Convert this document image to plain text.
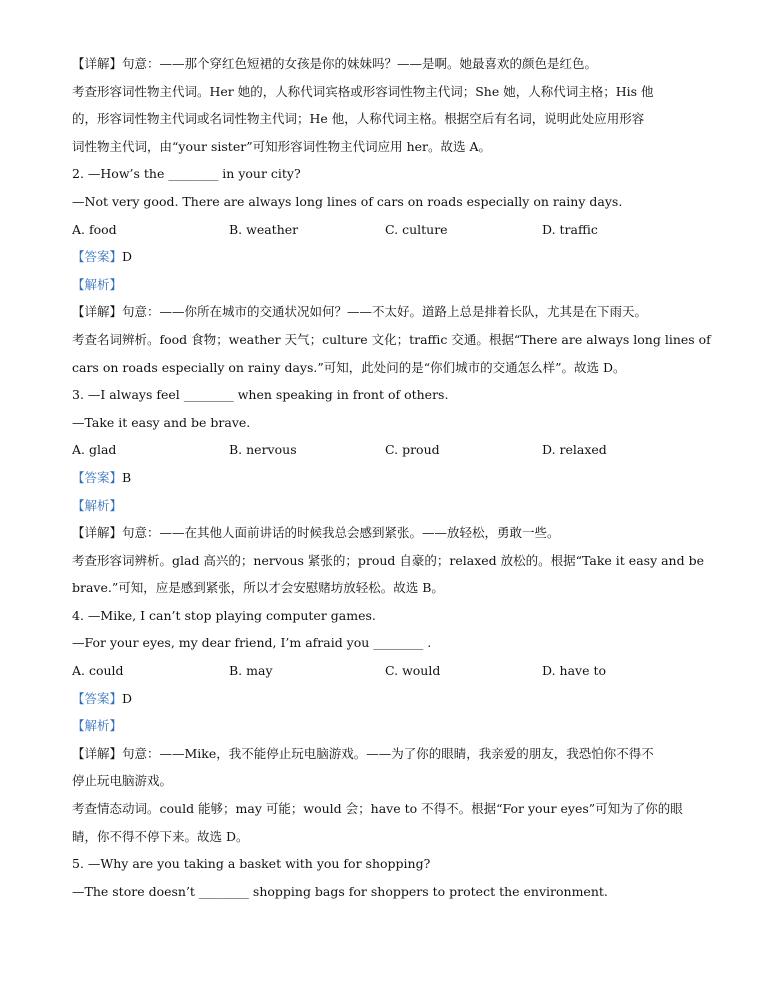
【详解】句意：——那个穿红色短裙的女孩是你的妹妹吗？——是啊。她最喜欢的颜色是红色。
考查形容词性物主代词。Her 她的，人称代词宾格或形容词性物主代词；She 她，人称代词主格；His 他
的，形容词性物主代词或名词性物主代词；He 他，人称代词主格。根据空后有名词，说明此处应用形容
词性物主代词，由“your sister”可知形容词性物主代词应用 her。故选 A。
2. —How’s the ________ in your city?
—Not very good. There are always long lines of cars on roads especially on rainy days.
A. food	B. weather	C. culture	D. traffic
【答案】D
【解析】
【详解】句意：——你所在城市的交通状况如何？——不太好。道路上总是排着长队，尤其是在下雨天。
考查名词辨析。food 食物；weather 天气；culture 文化；traffic 交通。根据“There are always long lines of
cars on roads especially on rainy days.”可知，此处问的是“你们城市的交通怎么样”。故选 D。
3. —I always feel ________ when speaking in front of others.
—Take it easy and be brave.
A. glad	B. nervous	C. proud	D. relaxed
【答案】B
【解析】
【详解】句意：——在其他人面前讲话的时候我总会感到紧张。——放轻松，勇敢一些。
考查形容词辨析。glad 高兴的；nervous 紧张的；proud 自豪的；relaxed 放松的。根据“Take it easy and be
brave.”可知，应是感到紧张，所以才会安慰赌坊放轻松。故选 B。
4. —Mike, I can’t stop playing computer games.
—For your eyes, my dear friend, I’m afraid you ________ .
A. could	B. may	C. would	D. have to
【答案】D
【解析】
【详解】句意：——Mike，我不能停止玩电脑游戏。——为了你的眼睛，我亲爱的朋友，我恐怕你不得不
停止玩电脑游戏。
考查情态动词。could 能够；may 可能；would 会；have to 不得不。根据“For your eyes”可知为了你的眼
睛，你不得不停下来。故选 D。
5. —Why are you taking a basket with you for shopping?
—The store doesn’t ________ shopping bags for shoppers to protect the environment.
